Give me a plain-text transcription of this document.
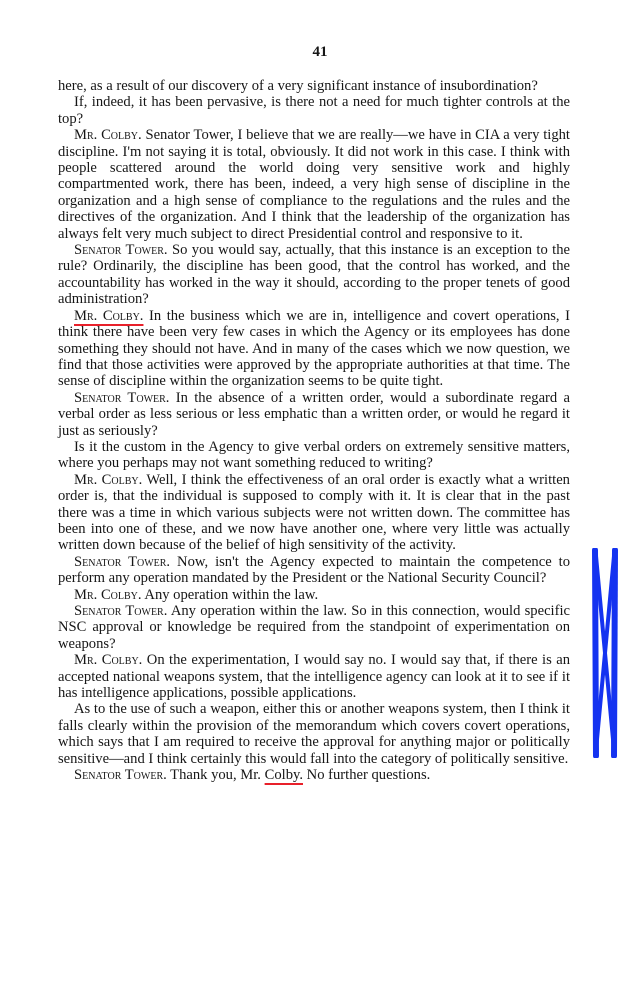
41

here, as a result of our discovery of a very significant instance of insubordination?

If, indeed, it has been pervasive, is there not a need for much tighter controls at the top?

Mr. Colby. Senator Tower, I believe that we are really—we have in CIA a very tight discipline. I'm not saying it is total, obviously. It did not work in this case. I think with people scattered around the world doing very sensitive work and highly compartmented work, there has been, indeed, a very high sense of discipline in the organization and a high sense of compliance to the regulations and the rules and the directives of the organization. And I think that the leadership of the organization has always felt very much subject to direct Presidential control and responsive to it.

Senator Tower. So you would say, actually, that this instance is an exception to the rule? Ordinarily, the discipline has been good, that the control has worked, and the accountability has worked in the way it should, according to the proper tenets of good administration?

Mr. Colby. In the business which we are in, intelligence and covert operations, I think there have been very few cases in which the Agency or its employees has done something they should not have. And in many of the cases which we now question, we find that those activities were approved by the appropriate authorities at that time. The sense of discipline within the organization seems to be quite tight.

Senator Tower. In the absence of a written order, would a subordinate regard a verbal order as less serious or less emphatic than a written order, or would he regard it just as seriously?

Is it the custom in the Agency to give verbal orders on extremely sensitive matters, where you perhaps may not want something reduced to writing?

Mr. Colby. Well, I think the effectiveness of an oral order is exactly what a written order is, that the individual is supposed to comply with it. It is clear that in the past there was a time in which various subjects were not written down. The committee has been into one of these, and we now have another one, where very little was actually written down because of the belief of high sensitivity of the activity.

Senator Tower. Now, isn't the Agency expected to maintain the competence to perform any operation mandated by the President or the National Security Council?

Mr. Colby. Any operation within the law.

Senator Tower. Any operation within the law. So in this connection, would specific NSC approval or knowledge be required from the standpoint of experimentation on weapons?

Mr. Colby. On the experimentation, I would say no. I would say that, if there is an accepted national weapons system, that the intelligence agency can look at it to see if it has intelligence applications, possible applications.

As to the use of such a weapon, either this or another weapons system, then I think it falls clearly within the provision of the memorandum which covers covert operations, which says that I am required to receive the approval for anything major or politically sensitive—and I think certainly this would fall into the category of politically sensitive.

Senator Tower. Thank you, Mr. Colby. No further questions.
